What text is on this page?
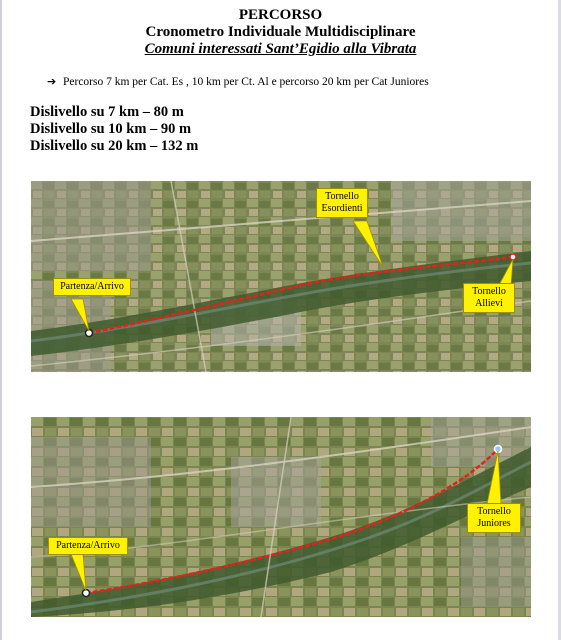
PERCORSO
Cronometro Individuale Multidisciplinare
Comuni interessati Sant’Egidio alla Vibrata
➔ Percorso 7 km per Cat. Es , 10 km per Ct. Al e percorso 20 km per Cat Juniores
Dislivello su 7 km – 80 m
Dislivello su 10 km – 90 m
Dislivello su 20 km – 132 m
Partenza/Arrivo
Tornello Esordienti
Tornello Allievi
Partenza/Arrivo
Tornello Juniores
